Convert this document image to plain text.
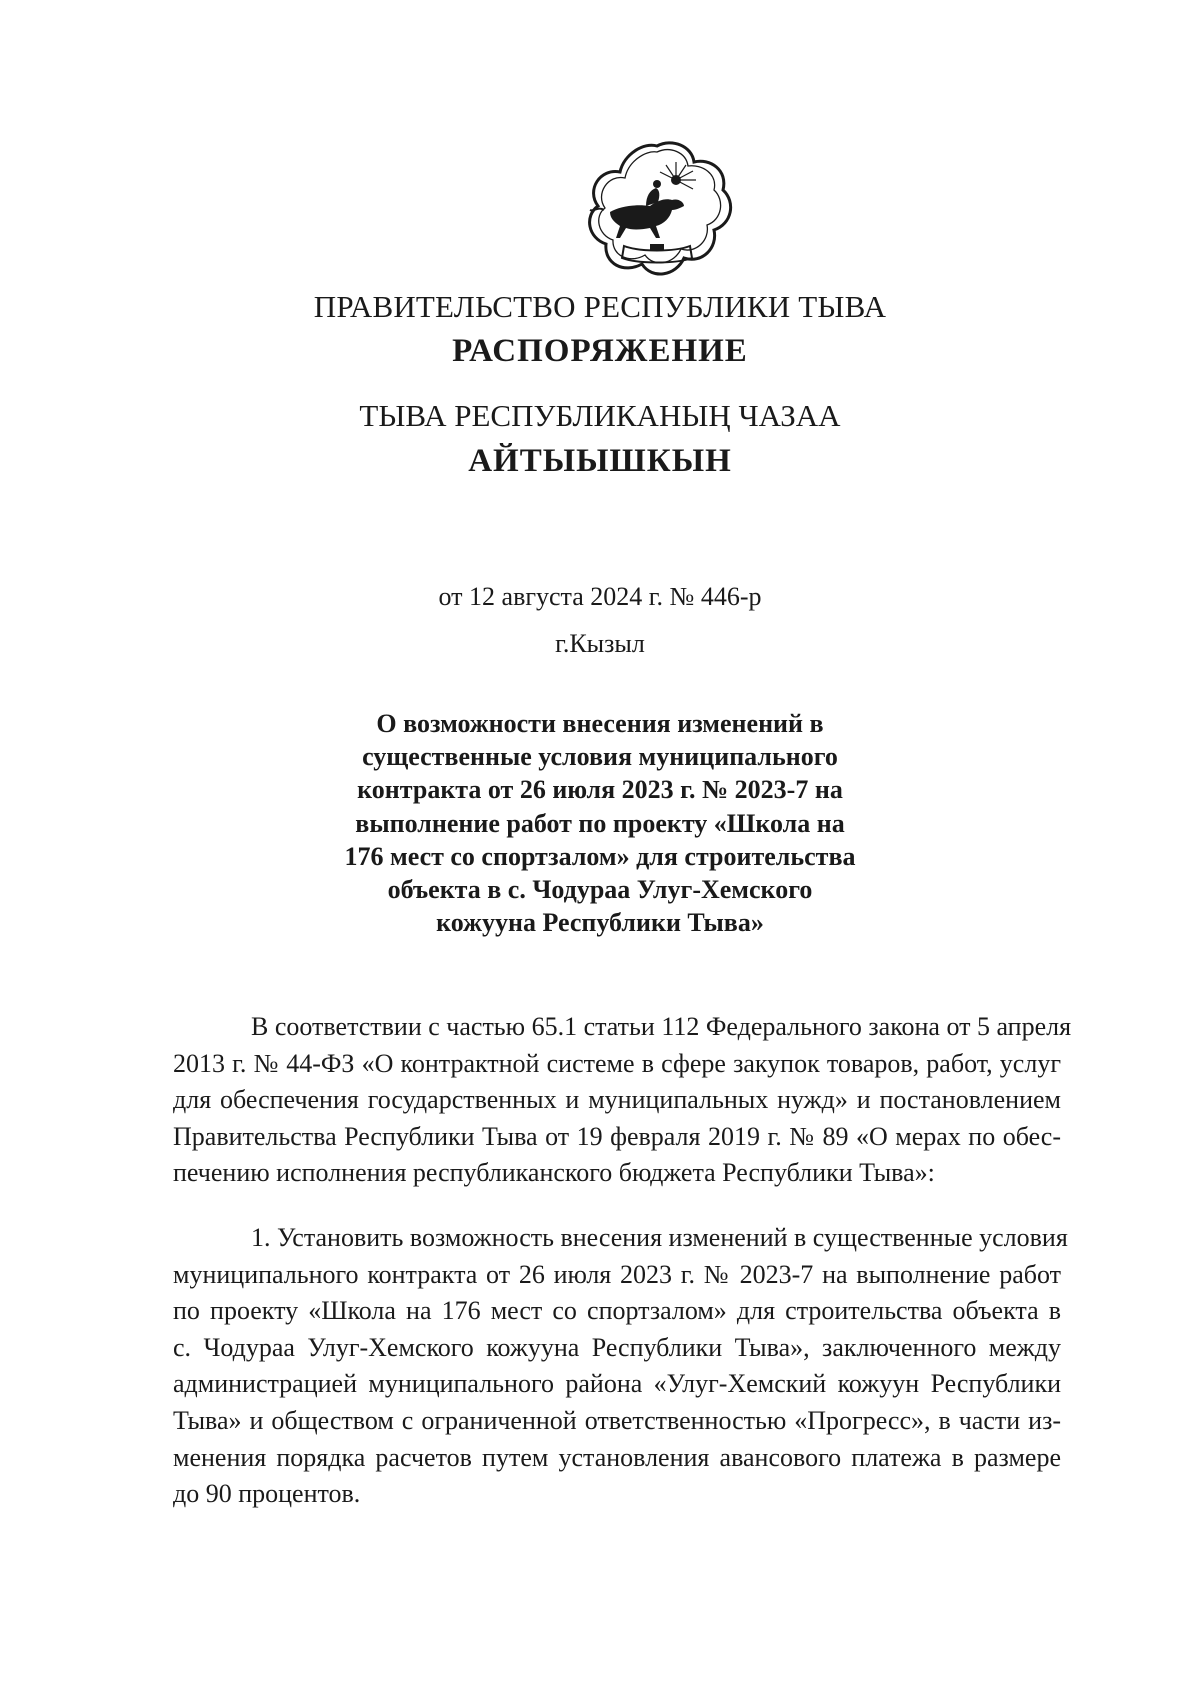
ПРАВИТЕЛЬСТВО РЕСПУБЛИКИ ТЫВА
РАСПОРЯЖЕНИЕ
ТЫВА РЕСПУБЛИКАНЫҢ ЧАЗАА
АЙТЫЫШКЫН
от 12 августа 2024 г. № 446-р
г.Кызыл
О возможности внесения изменений в
существенные условия муниципального
контракта от 26 июля 2023 г. № 2023-7 на
выполнение работ по проекту «Школа на
176 мест со спортзалом» для строительства
объекта в с. Чодураа Улуг-Хемского
кожууна Республики Тыва»
В соответствии с частью 65.1 статьи 112 Федерального закона от 5 апреля
2013 г. № 44-ФЗ «О контрактной системе в сфере закупок товаров, работ, услуг
для обеспечения государственных и муниципальных нужд» и постановлением
Правительства Республики Тыва от 19 февраля 2019 г. № 89 «О мерах по обес-
печению исполнения республиканского бюджета Республики Тыва»:
1. Установить возможность внесения изменений в существенные условия
муниципального контракта от 26 июля 2023 г. № 2023-7 на выполнение работ
по проекту «Школа на 176 мест со спортзалом» для строительства объекта в
с. Чодураа Улуг-Хемского кожууна Республики Тыва», заключенного между
администрацией муниципального района «Улуг-Хемский кожуун Республики
Тыва» и обществом с ограниченной ответственностью «Прогресс», в части из-
менения порядка расчетов путем установления авансового платежа в размере
до 90 процентов.
